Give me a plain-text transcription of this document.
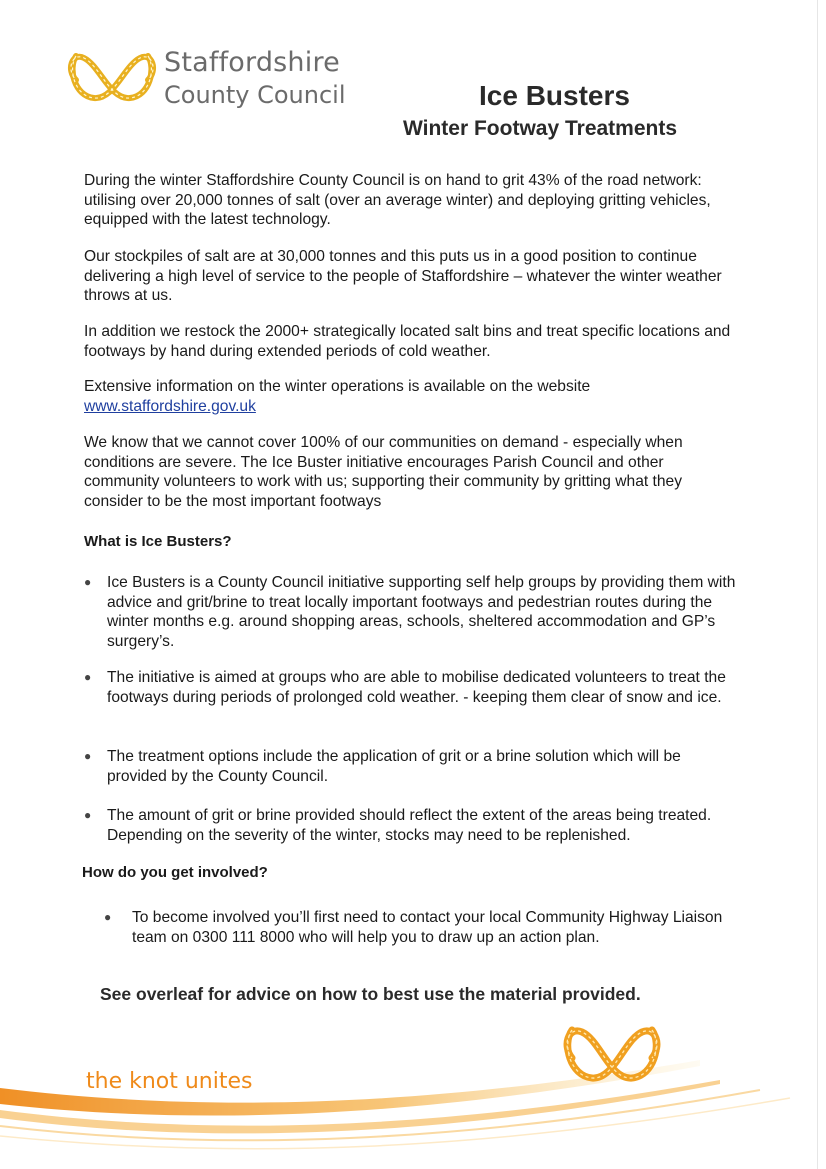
Staffordshire
County Council	Ice Busters
Winter Footway Treatments

During the winter Staffordshire County Council is on hand to grit 43% of the road network: utilising over 20,000 tonnes of salt (over an average winter) and deploying gritting vehicles, equipped with the latest technology.

Our stockpiles of salt are at 30,000 tonnes and this puts us in a good position to continue delivering a high level of service to the people of Staffordshire – whatever the winter weather throws at us.

In addition we restock the 2000+ strategically located salt bins and treat specific locations and footways by hand during extended periods of cold weather.

Extensive information on the winter operations is available on the website
www.staffordshire.gov.uk

We know that we cannot cover 100% of our communities on demand - especially when conditions are severe. The Ice Buster initiative encourages Parish Council and other community volunteers to work with us; supporting their community by gritting what they consider to be the most important footways

What is Ice Busters?
● Ice Busters is a County Council initiative supporting self help groups by providing them with advice and grit/brine to treat locally important footways and pedestrian routes during the winter months e.g. around shopping areas, schools, sheltered accommodation and GP’s surgery’s.
● The initiative is aimed at groups who are able to mobilise dedicated volunteers to treat the footways during periods of prolonged cold weather. - keeping them clear of snow and ice.
● The treatment options include the application of grit or a brine solution which will be provided by the County Council.
● The amount of grit or brine provided should reflect the extent of the areas being treated. Depending on the severity of the winter, stocks may need to be replenished.
How do you get involved?
● To become involved you’ll first need to contact your local Community Highway Liaison team on 0300 111 8000 who will help you to draw up an action plan.
See overleaf for advice on how to best use the material provided.
the knot unites
